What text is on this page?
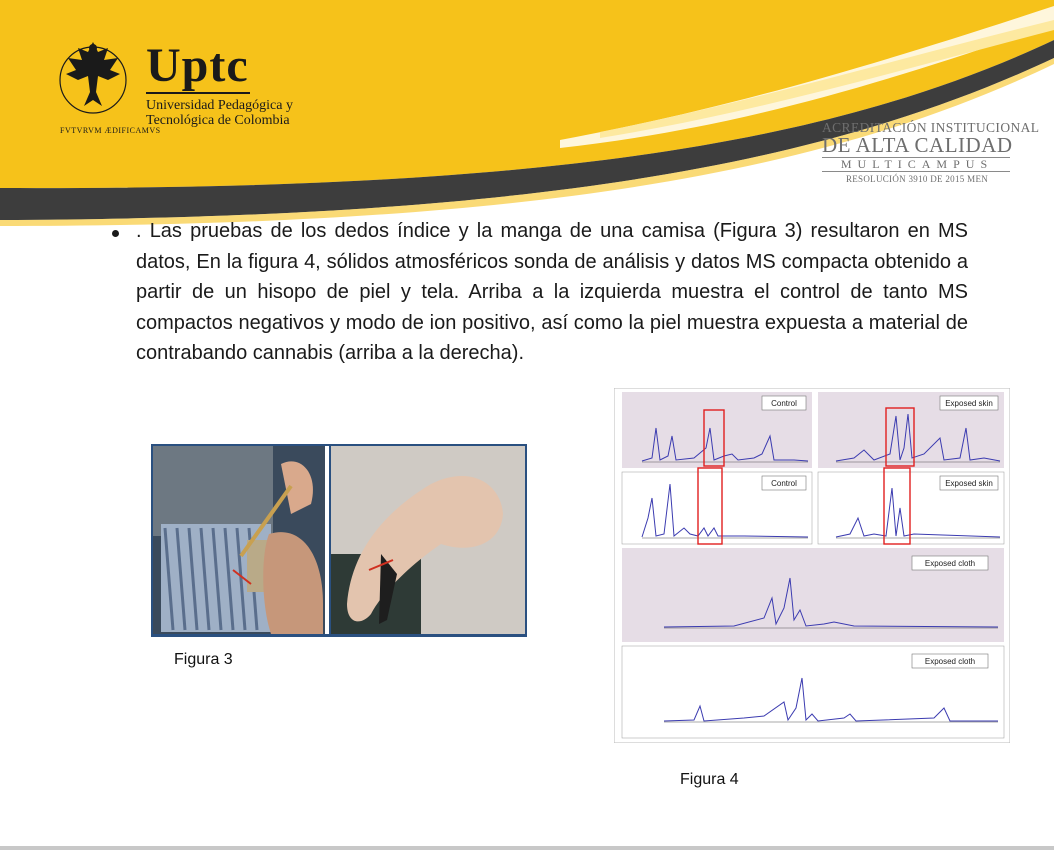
FVTVRVM ÆDIFICAMVS
Uptc
Universidad Pedagógica y
Tecnológica de Colombia	ACREDITACIÓN INSTITUCIONAL
DE ALTA CALIDAD
MULTICAMPUS
RESOLUCIÓN 3910 DE 2015 MEN
. Las pruebas de los dedos índice y la manga de una camisa (Figura 3) resultaron en MS datos, En la figura 4, sólidos atmosféricos sonda de análisis y datos MS compacta obtenido a partir de un hisopo de piel y tela. Arriba a la izquierda muestra el control de tanto MS compactos negativos y modo de ion positivo, así como la piel muestra expuesta a material de contrabando cannabis (arriba a la derecha).
Figura 3
Control	Exposed skin
Control	Exposed skin
Exposed cloth
Exposed cloth
Figura 4
